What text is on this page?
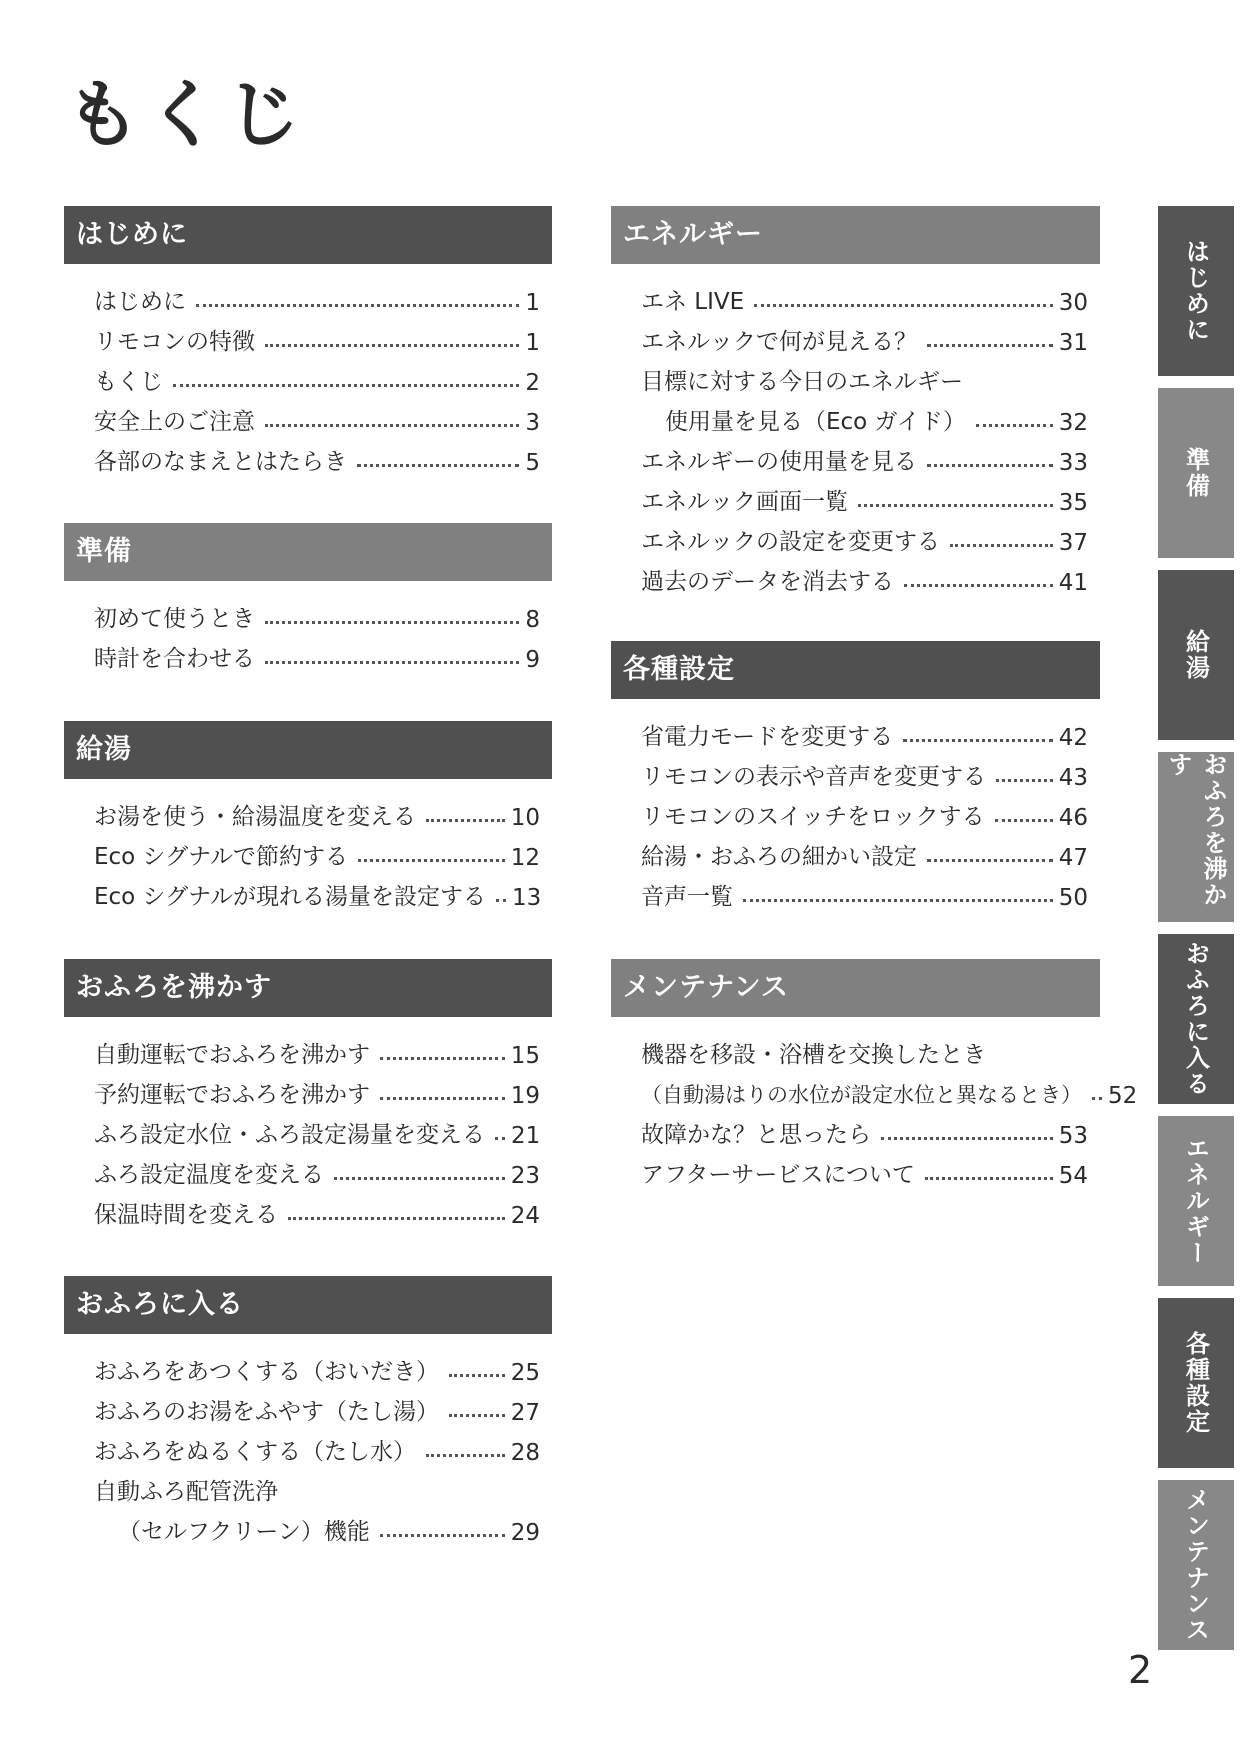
もくじ
はじめに
はじめに	1
リモコンの特徴	1
もくじ	2
安全上のご注意	3
各部のなまえとはたらき	5
準備
初めて使うとき	8
時計を合わせる	9
給湯
お湯を使う・給湯温度を変える	10
Eco シグナルで節約する	12
Eco シグナルが現れる湯量を設定する 13
おふろを沸かす
自動運転でおふろを沸かす	15
予約運転でおふろを沸かす	19
ふろ設定水位・ふろ設定湯量を変える 21
ふろ設定温度を変える	23
保温時間を変える	24
おふろに入る
おふろをあつくする（おいだき）	25
おふろのお湯をふやす（たし湯）	27
おふろをぬるくする（たし水）	28
自動ふろ配管洗浄
（セルフクリーン）機能	29
エネルギー
エネ LIVE	30
エネルックで何が見える？	31
目標に対する今日のエネルギー
使用量を見る（Eco ガイド）	32
エネルギーの使用量を見る	33
エネルック画面一覧	35
エネルックの設定を変更する	37
過去のデータを消去する	41
各種設定
省電力モードを変更する	42
リモコンの表示や音声を変更する	43
リモコンのスイッチをロックする	46
給湯・おふろの細かい設定	47
音声一覧	50
メンテナンス
機器を移設・浴槽を交換したとき
（自動湯はりの水位が設定水位と異なるとき） 52
故障かな？と思ったら	53
アフターサービスについて	54
はじめに
準備
給湯
おふろを沸かす
おふろに入る
エネルギー
各種設定
メンテナンス
2
